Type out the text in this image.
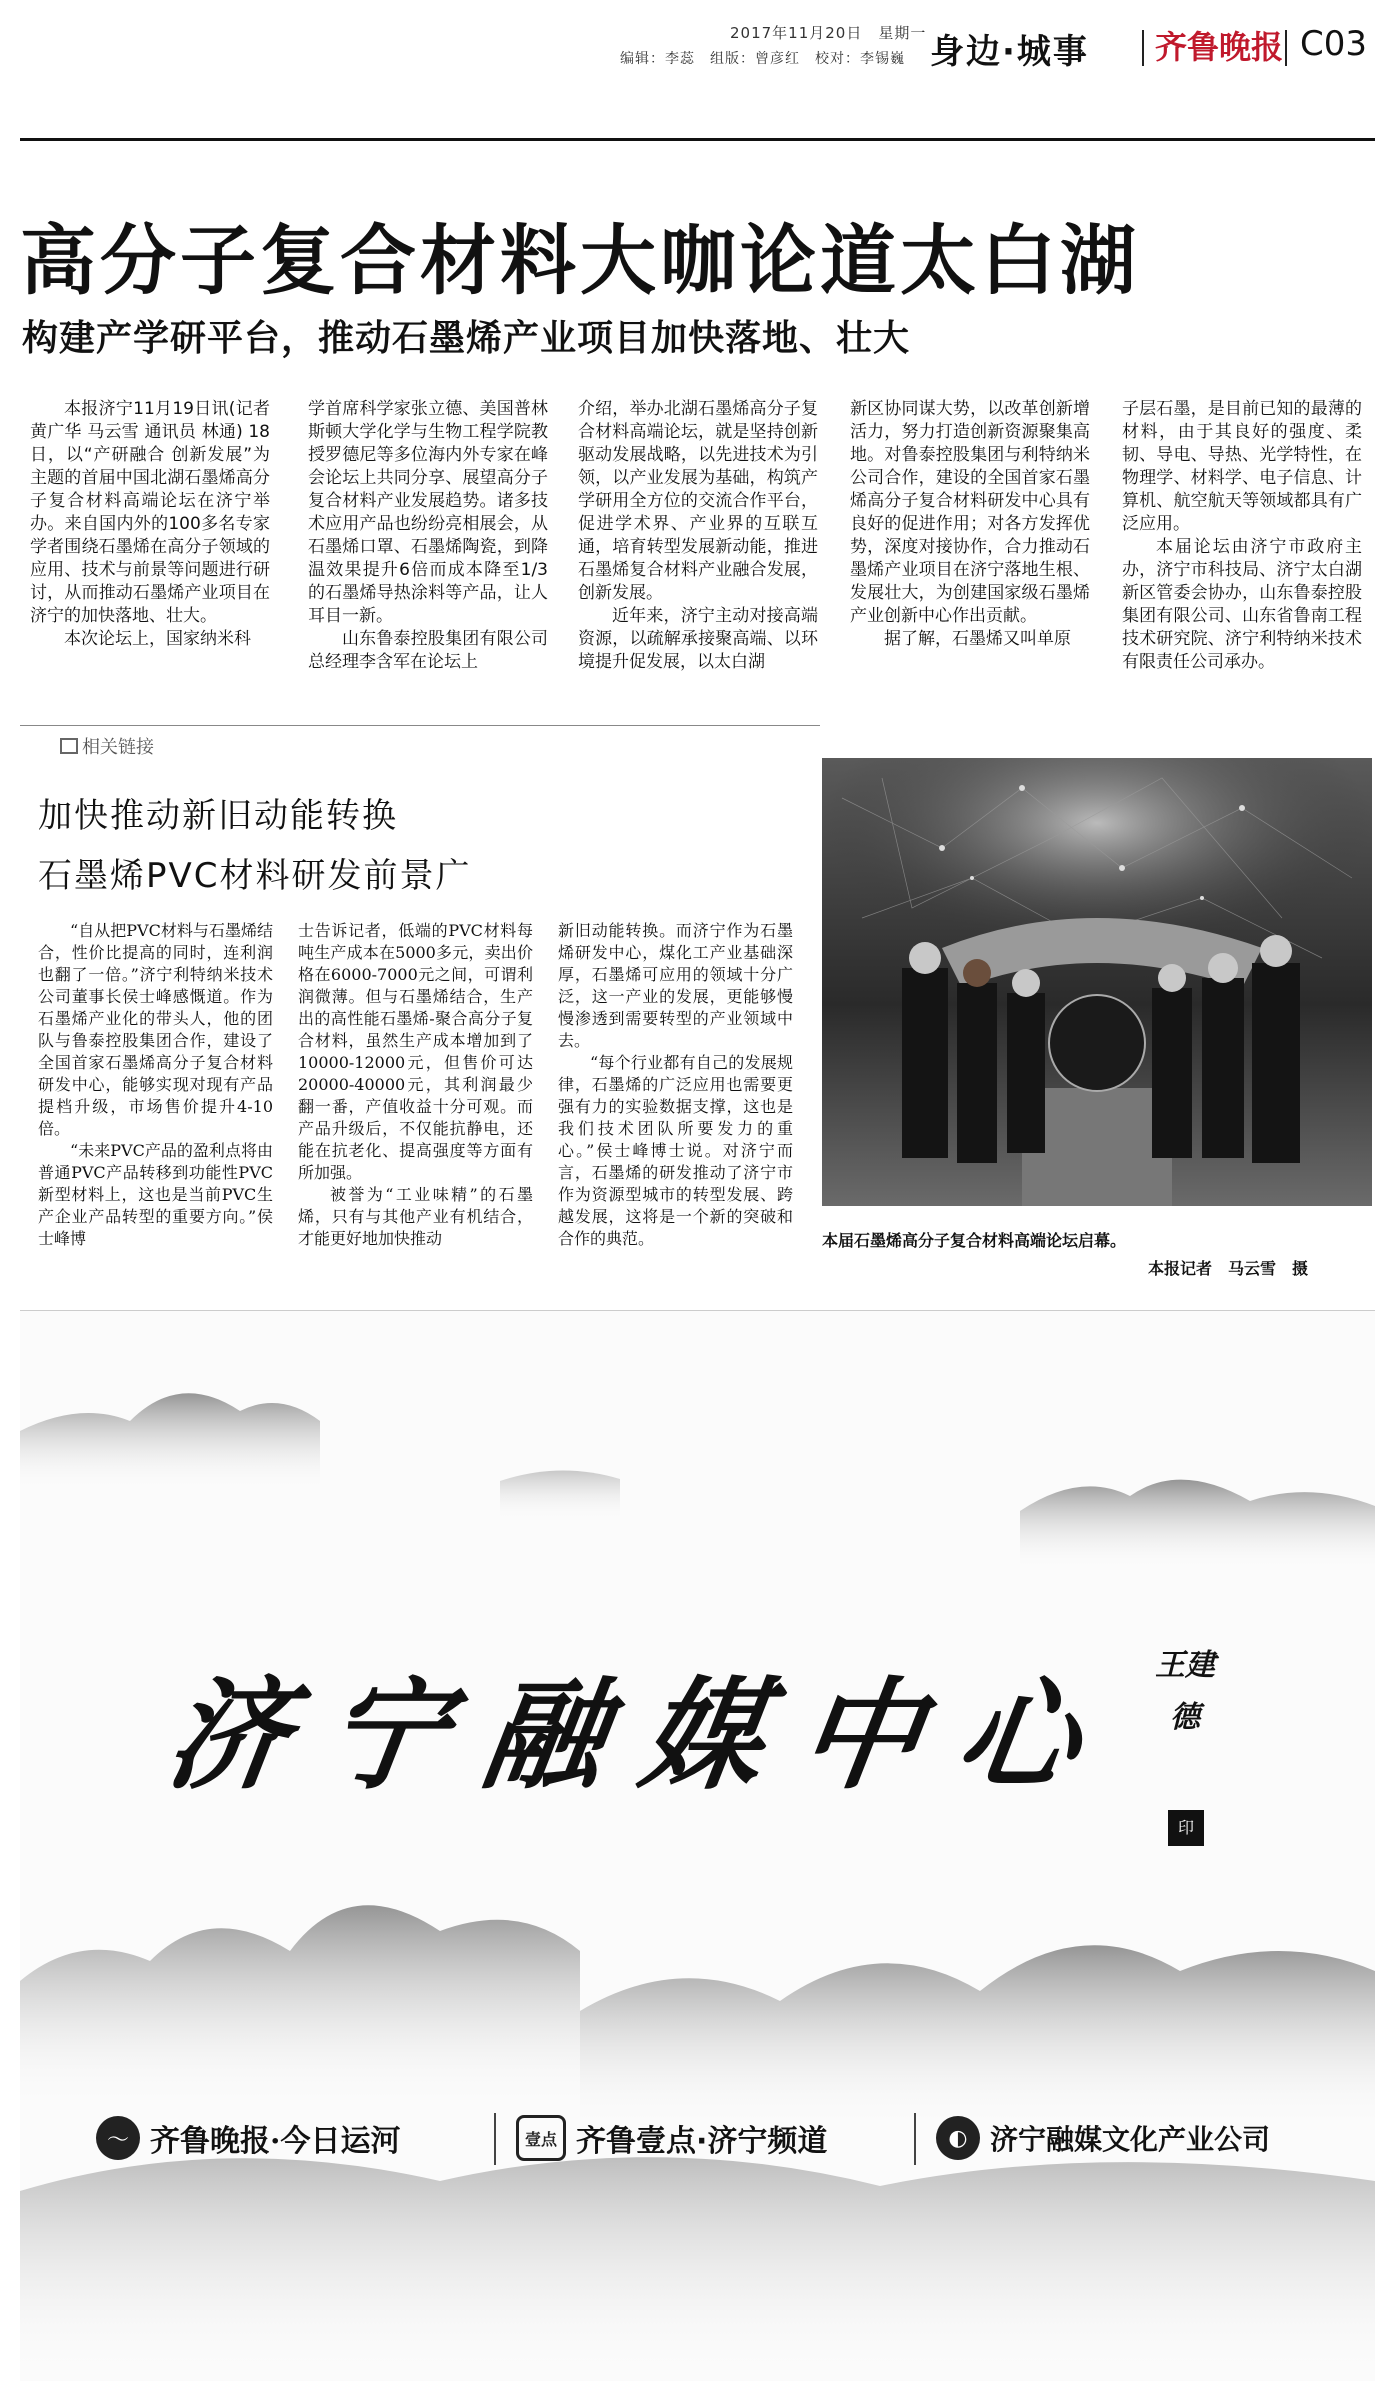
2017年11月20日　星期一
编辑：李蕊　组版：曾彦红　校对：李锡巍 身边·城事 齐鲁晚报 C03
高分子复合材料大咖论道太白湖
构建产学研平台，推动石墨烯产业项目加快落地、壮大

本报济宁11月19日讯(记者 黄广华 马云雪 通讯员 林通) 18日，以“产研融合 创新发展”为主题的首届中国北湖石墨烯高分子复合材料高端论坛在济宁举办。来自国内外的100多名专家学者围绕石墨烯在高分子领域的应用、技术与前景等问题进行研讨，从而推动石墨烯产业项目在济宁的加快落地、壮大。

本次论坛上，国家纳米科

学首席科学家张立德、美国普林斯顿大学化学与生物工程学院教授罗德尼等多位海内外专家在峰会论坛上共同分享、展望高分子复合材料产业发展趋势。诸多技术应用产品也纷纷亮相展会，从石墨烯口罩、石墨烯陶瓷，到降温效果提升6倍而成本降至1/3的石墨烯导热涂料等产品，让人耳目一新。

山东鲁泰控股集团有限公司总经理李含军在论坛上

介绍，举办北湖石墨烯高分子复合材料高端论坛，就是坚持创新驱动发展战略，以先进技术为引领，以产业发展为基础，构筑产学研用全方位的交流合作平台，促进学术界、产业界的互联互通，培育转型发展新动能，推进石墨烯复合材料产业融合发展，创新发展。

近年来，济宁主动对接高端资源，以疏解承接聚高端、以环境提升促发展，以太白湖

新区协同谋大势，以改革创新增活力，努力打造创新资源聚集高地。对鲁泰控股集团与利特纳米公司合作，建设的全国首家石墨烯高分子复合材料研发中心具有良好的促进作用；对各方发挥优势，深度对接协作，合力推动石墨烯产业项目在济宁落地生根、发展壮大，为创建国家级石墨烯产业创新中心作出贡献。

据了解，石墨烯又叫单原

子层石墨，是目前已知的最薄的材料，由于其良好的强度、柔韧、导电、导热、光学特性，在物理学、材料学、电子信息、计算机、航空航天等领域都具有广泛应用。

本届论坛由济宁市政府主办，济宁市科技局、济宁太白湖新区管委会协办，山东鲁泰控股集团有限公司、山东省鲁南工程技术研究院、济宁利特纳米技术有限责任公司承办。

相关链接
加快推动新旧动能转换
石墨烯PVC材料研发前景广

“自从把PVC材料与石墨烯结合，性价比提高的同时，连利润也翻了一倍。”济宁利特纳米技术公司董事长侯士峰感慨道。作为石墨烯产业化的带头人，他的团队与鲁泰控股集团合作，建设了全国首家石墨烯高分子复合材料研发中心，能够实现对现有产品提档升级，市场售价提升4-10倍。

“未来PVC产品的盈利点将由普通PVC产品转移到功能性PVC新型材料上，这也是当前PVC生产企业产品转型的重要方向。”侯士峰博

士告诉记者，低端的PVC材料每吨生产成本在5000多元，卖出价格在6000-7000元之间，可谓利润微薄。但与石墨烯结合，生产出的高性能石墨烯-聚合高分子复合材料，虽然生产成本增加到了10000-12000元，但售价可达20000-40000元，其利润最少翻一番，产值收益十分可观。而产品升级后，不仅能抗静电，还能在抗老化、提高强度等方面有所加强。

被誉为“工业味精”的石墨烯，只有与其他产业有机结合，才能更好地加快推动

新旧动能转换。而济宁作为石墨烯研发中心，煤化工产业基础深厚，石墨烯可应用的领域十分广泛，这一产业的发展，更能够慢慢渗透到需要转型的产业领域中去。

“每个行业都有自己的发展规律，石墨烯的广泛应用也需要更强有力的实验数据支撑，这也是我们技术团队所要发力的重心。”侯士峰博士说。对济宁而言，石墨烯的研发推动了济宁市作为资源型城市的转型发展、跨越发展，这将是一个新的突破和合作的典范。	本届石墨烯高分子复合材料高端论坛启幕。
本报记者　马云雪　摄
济宁融媒中心 王建德
印
〜 齐鲁晚报·今日运河	壹点 齐鲁壹点·济宁频道	◐ 济宁融媒文化产业公司
